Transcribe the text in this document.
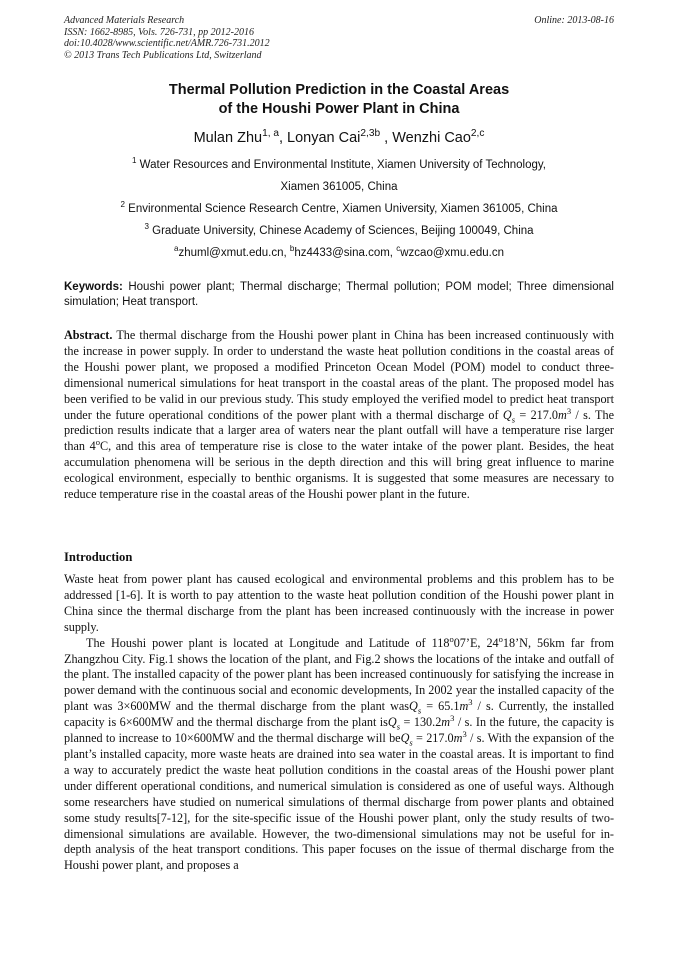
Advanced Materials Research
ISSN: 1662-8985, Vols. 726-731, pp 2012-2016
doi:10.4028/www.scientific.net/AMR.726-731.2012
© 2013 Trans Tech Publications Ltd, Switzerland
Online: 2013-08-16
Thermal Pollution Prediction in the Coastal Areas
of the Houshi Power Plant in China
Mulan Zhu$^{1, a}$, Lonyan Cai$^{2,3b}$ , Wenzhi Cao$^{2,c}$
$^1$ Water Resources and Environmental Institute, Xiamen University of Technology,
Xiamen 361005, China
$^2$ Environmental Science Research Centre, Xiamen University, Xiamen 361005, China
$^3$ Graduate University, Chinese Academy of Sciences, Beijing 100049, China
$^a$zhuml@xmut.edu.cn, $^b$hz4433@sina.com, $^c$wzcao@xmu.edu.cn

Keywords: Houshi power plant; Thermal discharge; Thermal pollution; POM model; Three dimensional simulation; Heat transport.

Abstract. The thermal discharge from the Houshi power plant in China has been increased continuously with the increase in power supply. In order to understand the waste heat pollution conditions in the coastal areas of the Houshi power plant, we proposed a modified Princeton Ocean Model (POM) model to conduct three-dimensional numerical simulations for heat transport in the coastal areas of the plant. The proposed model has been verified to be valid in our previous study. This study employed the verified model to predict heat transport under the future operational conditions of the power plant with a thermal discharge of $Q_s = 217.0m^3 / s$. The prediction results indicate that a larger area of waters near the plant outfall will have a temperature rise larger than 4$^o$C, and this area of temperature rise is close to the water intake of the power plant. Besides, the heat accumulation phenomena will be serious in the depth direction and this will bring great influence to marine ecological environment, especially to benthic organisms. It is suggested that some measures are necessary to reduce temperature rise in the coastal areas of the Houshi power plant in the future.

Introduction
Waste heat from power plant has caused ecological and environmental problems and this problem has to be addressed [1-6]. It is worth to pay attention to the waste heat pollution condition of the Houshi power plant in China since the thermal discharge from the plant has been increased continuously with the increase in power supply.
The Houshi power plant is located at Longitude and Latitude of 118$^o$07’E, 24$^o$18’N, 56km far from Zhangzhou City. Fig.1 shows the location of the plant, and Fig.2 shows the locations of the intake and outfall of the plant. The installed capacity of the power plant has been increased continuously for satisfying the increase in power demand with the continuous social and economic developments, In 2002 year the installed capacity of the plant was 3×600MW and the thermal discharge from the plant wasQ$_s$ = $65.1m^3$ / s. Currently, the installed capacity is 6×600MW and the thermal discharge from the plant $isQ_s = 130.2m^3 / s$. In the future, the capacity is planned to increase to 10×600MW and the thermal discharge will $beQ_s = 217.0m^3 / s$. With the expansion of the plant’s installed capacity, more waste heats are drained into sea water in the coastal areas. It is important to find a way to accurately predict the waste heat pollution conditions in the coastal areas of the Houshi power plant under different operational conditions, and numerical simulation is considered as one of useful ways. Although some researchers have studied on numerical simulations of thermal discharge from power plants and obtained some study results[7-12], for the site-specific issue of the Houshi power plant, only the study results of two-dimensional simulations are available. However, the two-dimensional simulations may not be useful for in-depth analysis of the heat transport conditions. This paper focuses on the issue of thermal discharge from the Houshi power plant, and proposes a
